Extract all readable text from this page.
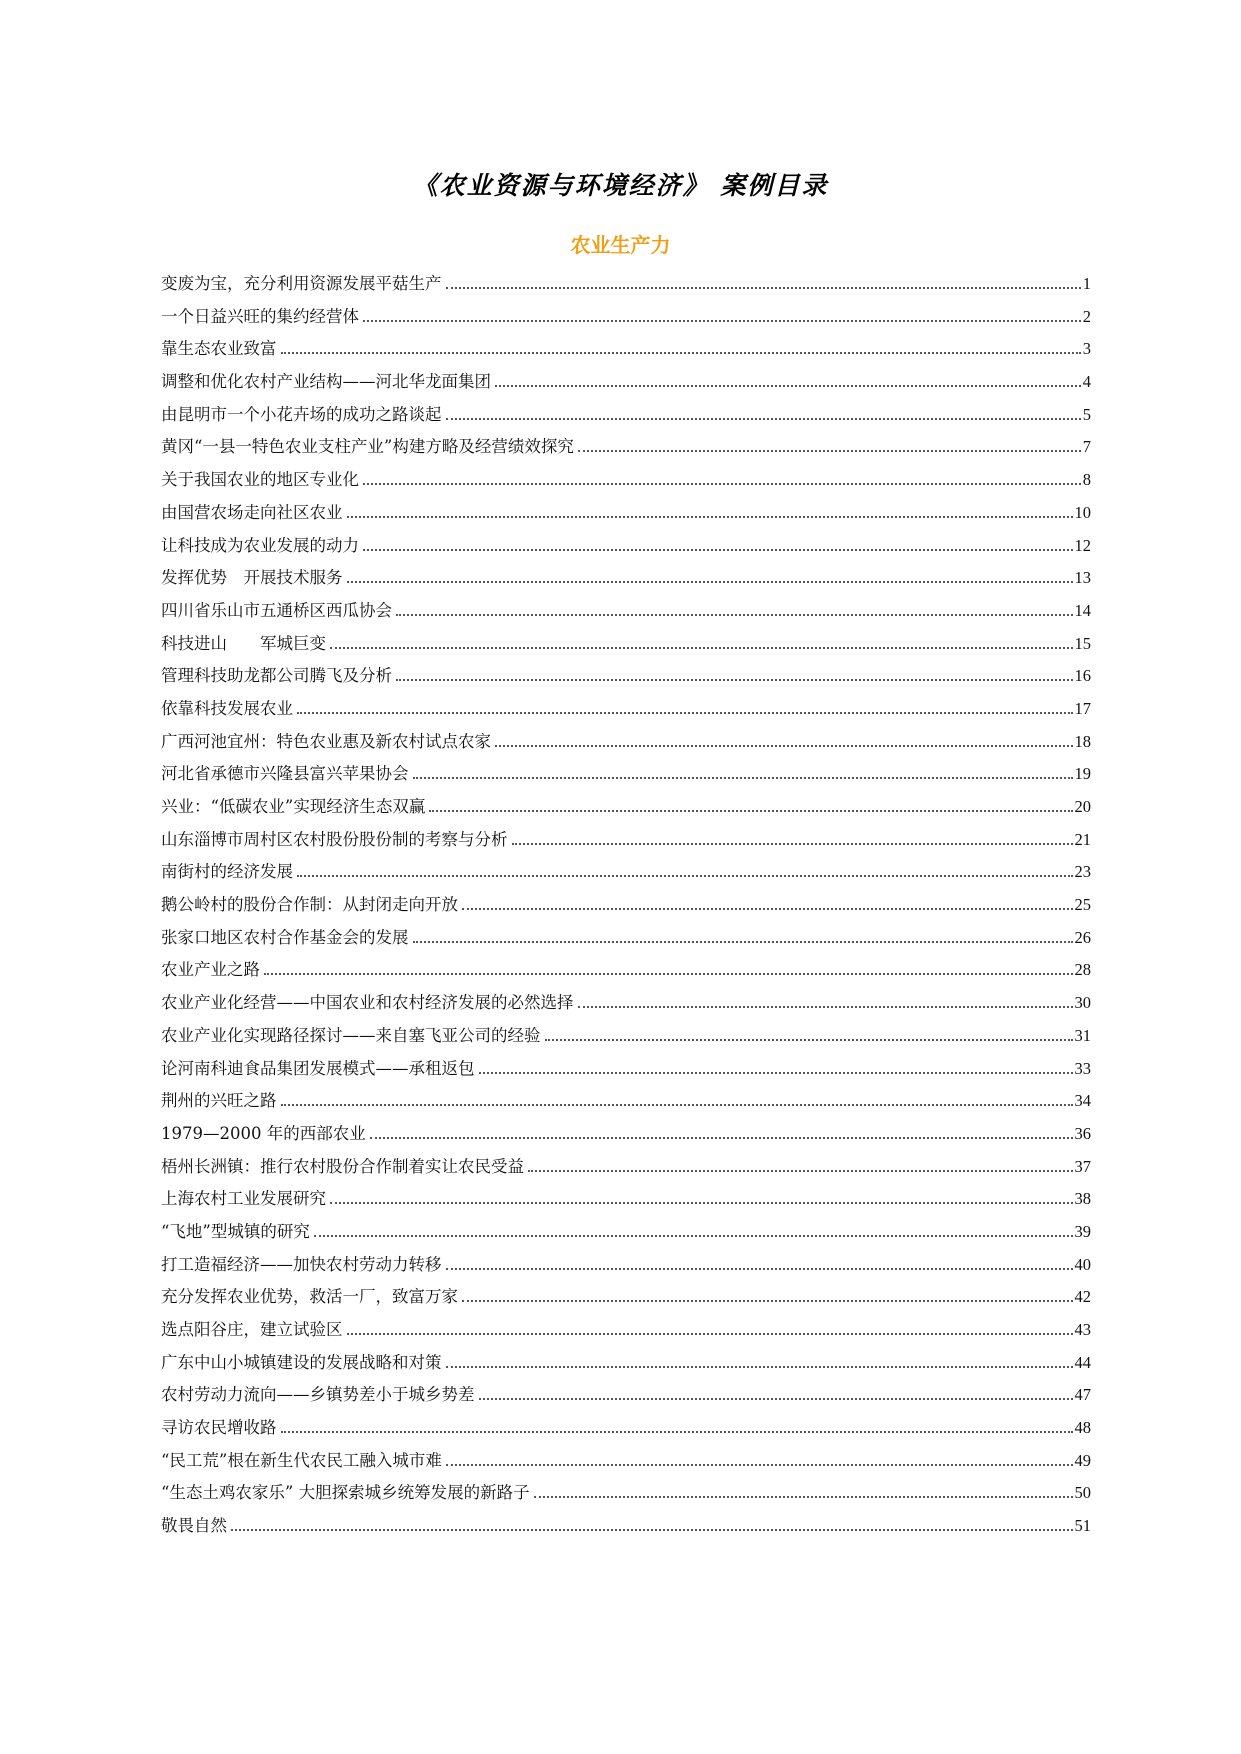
《农业资源与环境经济》 案例目录
农业生产力
变废为宝，充分利用资源发展平菇生产	1
一个日益兴旺的集约经营体	2
靠生态农业致富	3
调整和优化农村产业结构——河北华龙面集团	4
由昆明市一个小花卉场的成功之路谈起	5
黄冈“一县一特色农业支柱产业”构建方略及经营绩效探究	7
关于我国农业的地区专业化	8
由国营农场走向社区农业	10
让科技成为农业发展的动力	12
发挥优势　开展技术服务	13
四川省乐山市五通桥区西瓜协会	14
科技进山　　军城巨变	15
管理科技助龙都公司腾飞及分析	16
依靠科技发展农业	17
广西河池宜州：特色农业惠及新农村试点农家	18
河北省承德市兴隆县富兴苹果协会	19
兴业：“低碳农业”实现经济生态双赢	20
山东淄博市周村区农村股份股份制的考察与分析	21
南街村的经济发展	23
鹅公岭村的股份合作制：从封闭走向开放	25
张家口地区农村合作基金会的发展	26
农业产业之路	28
农业产业化经营——中国农业和农村经济发展的必然选择	30
农业产业化实现路径探讨——来自塞飞亚公司的经验	31
论河南科迪食品集团发展模式——承租返包	33
荆州的兴旺之路	34
1979—2000 年的西部农业	36
梧州长洲镇：推行农村股份合作制着实让农民受益	37
上海农村工业发展研究	38
“飞地”型城镇的研究	39
打工造福经济——加快农村劳动力转移	40
充分发挥农业优势，救活一厂，致富万家	42
选点阳谷庄，建立试验区	43
广东中山小城镇建设的发展战略和对策	44
农村劳动力流向——乡镇势差小于城乡势差	47
寻访农民增收路	48
“民工荒”根在新生代农民工融入城市难	49
“生态土鸡农家乐” 大胆探索城乡统筹发展的新路子	50
敬畏自然	51
